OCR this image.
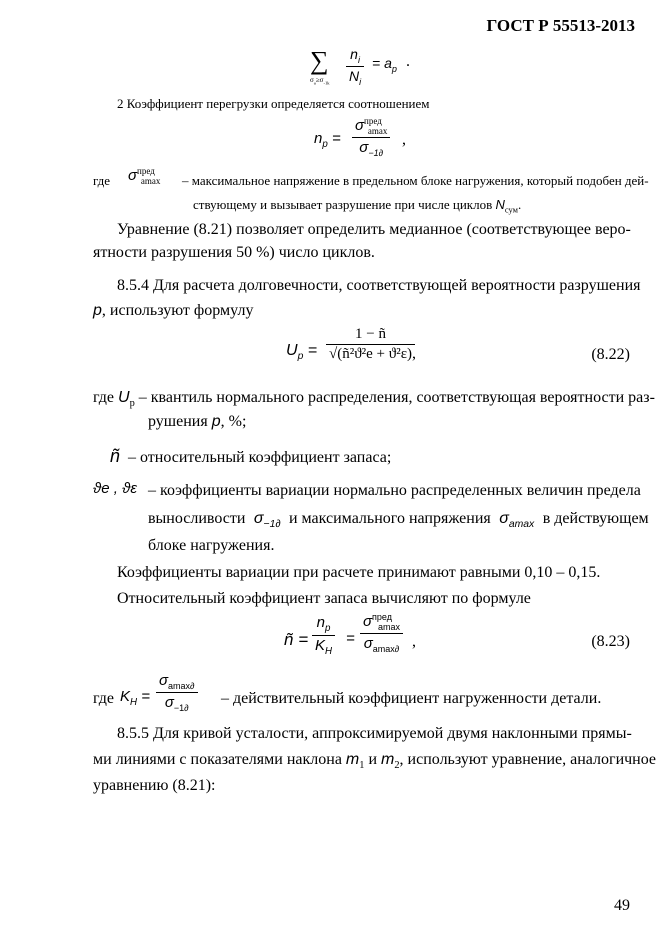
ГОСТ Р 55513-2013
∑
$\sigma_a\ge\sigma_{-1k} \frac{n_i}{N_i} = a_p$ .
2 Коэффициент перегрузки определяется соотношением
$n_p$ =
$\sigma^{пред}_{amax}$
$\sigma_{-1\partial}$
,
где $\sigma^{пред}_{amax}$ – максимальное напряжение в предельном блоке нагружения, который подобен дей-
ствующему и вызывает разрушение при числе циклов $N_{сум}$.
Уравнение (8.21) позволяет определить медианное (соответствующее веро-
ятности разрушения 50 %) число циклов.
8.5.4 Для расчета долговечности, соответствующей вероятности разрушения
p, используют формулу
$U_p = \frac{1 - ñ}{\text{√(ñ²ϑ²e + ϑ²ε)}}$
,	(8.22)
где $U_p$ – квантиль нормального распределения, соответствующая вероятности раз-
рушения p, %;
ñ – относительный коэффициент запаса;
ϑe , ϑε – коэффициенты вариации нормально распределенных величин предела
выносливости  $\sigma_{-1\partial}$ и максимального напряжения  $\sigma_{amax}$ в действующем
блоке нагружения.
Коэффициенты вариации при расчете принимают равными 0,10 – 0,15.
Относительный коэффициент запаса вычисляют по формуле
ñ = $\frac{n_p}{K_H}$ =
$\sigma^{пред}_{amax}$
$\sigma_{amax\partial}$ ,	(8.23)
где $K_H$ =
$\sigma_{amax\partial}$
$\sigma_{-1\partial}$
– действительный коэффициент нагруженности детали.
8.5.5 Для кривой усталости, аппроксимируемой двумя наклонными прямы-
ми линиями с показателями наклона $m_1$ и $m_2$, используют уравнение, аналогичное
уравнению (8.21):
49
